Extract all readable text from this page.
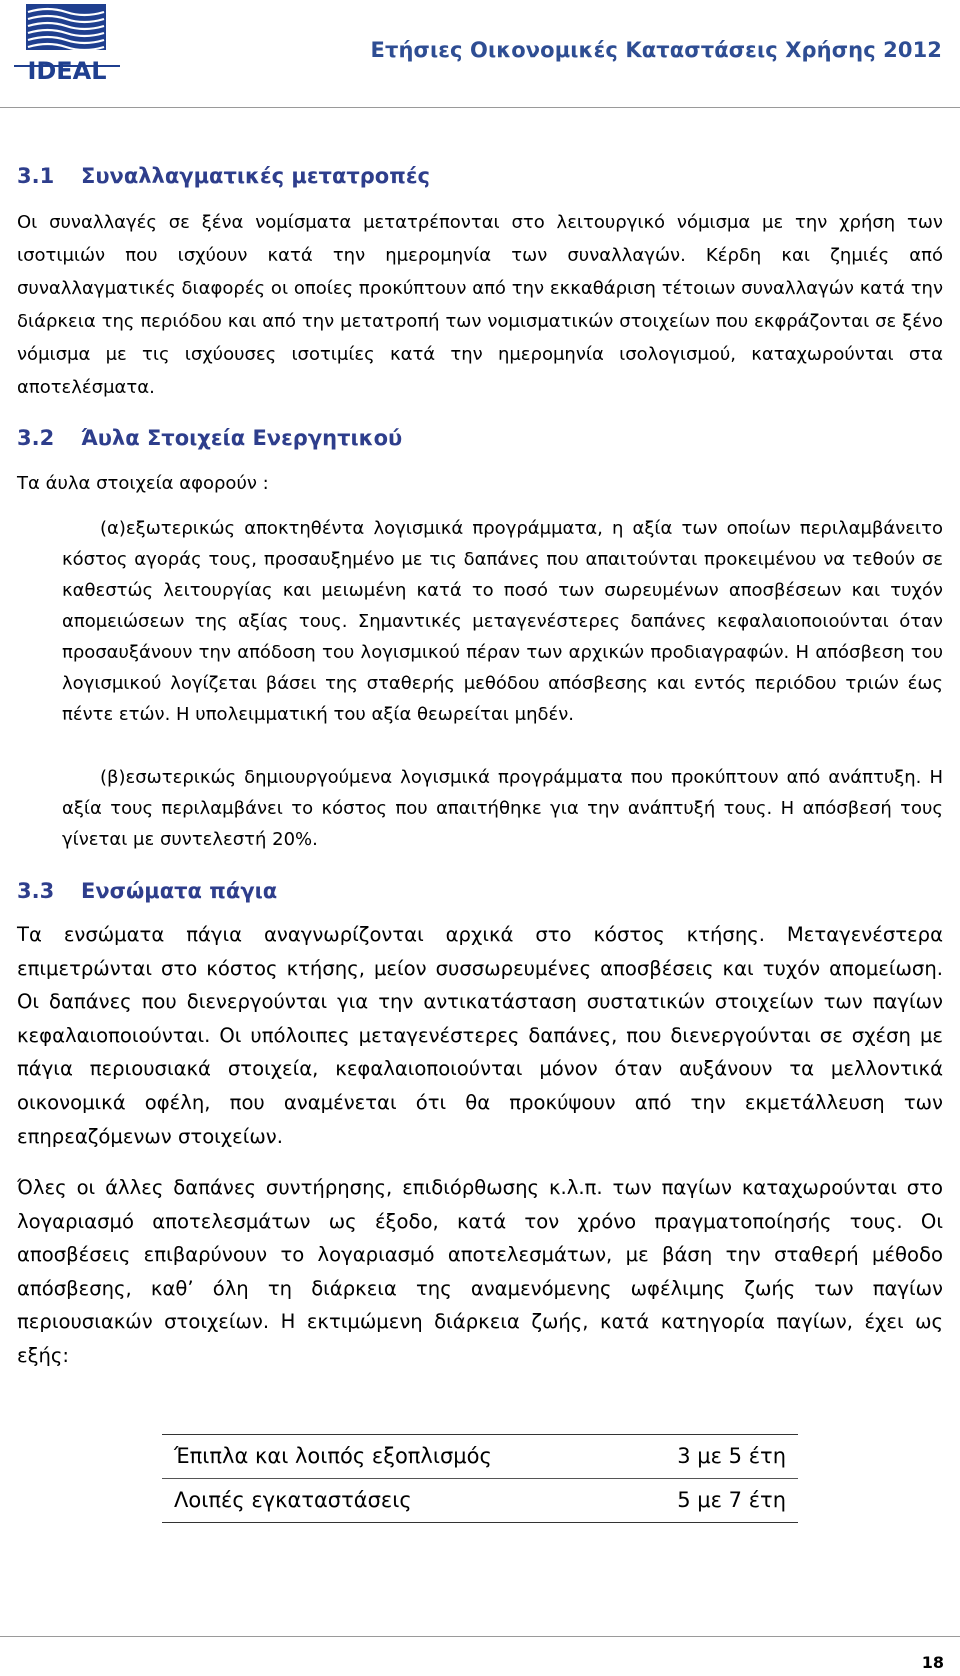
IDEAL
Ετήσιες Οικονομικές Καταστάσεις Χρήσης 2012
3.1 Συναλλαγματικές μετατροπές

Οι συναλλαγές σε ξένα νομίσματα μετατρέπονται στο λειτουργικό νόμισμα με την χρήση των ισοτιμιών που ισχύουν κατά την ημερομηνία των συναλλαγών. Κέρδη και ζημιές από συναλλαγματικές διαφορές οι οποίες προκύπτουν από την εκκαθάριση τέτοιων συναλλαγών κατά την διάρκεια της περιόδου και από την μετατροπή των νομισματικών στοιχείων που εκφράζονται σε ξένο νόμισμα με τις ισχύουσες ισοτιμίες κατά την ημερομηνία ισολογισμού, καταχωρούνται στα αποτελέσματα.

3.2 Άυλα Στοιχεία Ενεργητικού

Τα άυλα στοιχεία αφορούν :

(α)εξωτερικώς αποκτηθέντα λογισμικά προγράμματα, η αξία των οποίων περιλαμβάνειτο κόστος αγοράς τους, προσαυξημένο με τις δαπάνες που απαιτούνται προκειμένου να τεθούν σε καθεστώς λειτουργίας και μειωμένη κατά το ποσό των σωρευμένων αποσβέσεων και τυχόν απομειώσεων της αξίας τους. Σημαντικές μεταγενέστερες δαπάνες κεφαλαιοποιούνται όταν προσαυξάνουν την απόδοση του λογισμικού πέραν των αρχικών προδιαγραφών. Η απόσβεση του λογισμικού λογίζεται βάσει της σταθερής μεθόδου απόσβεσης και εντός περιόδου τριών έως πέντε ετών. Η υπολειμματική του αξία θεωρείται μηδέν.

(β)εσωτερικώς δημιουργούμενα λογισμικά προγράμματα που προκύπτουν από ανάπτυξη. Η αξία τους περιλαμβάνει το κόστος που απαιτήθηκε για την ανάπτυξή τους. Η απόσβεσή τους γίνεται με συντελεστή 20%.

3.3 Ενσώματα πάγια

Τα ενσώματα πάγια αναγνωρίζονται αρχικά στο κόστος κτήσης. Μεταγενέστερα επιμετρώνται στο κόστος κτήσης, μείον συσσωρευμένες αποσβέσεις και τυχόν απομείωση. Οι δαπάνες που διενεργούνται για την αντικατάσταση συστατικών στοιχείων των παγίων κεφαλαιοποιούνται. Οι υπόλοιπες μεταγενέστερες δαπάνες, που διενεργούνται σε σχέση με πάγια περιουσιακά στοιχεία, κεφαλαιοποιούνται μόνον όταν αυξάνουν τα μελλοντικά οικονομικά οφέλη, που αναμένεται ότι θα προκύψουν από την εκμετάλλευση των επηρεαζόμενων στοιχείων.

Όλες οι άλλες δαπάνες συντήρησης, επιδιόρθωσης κ.λ.π. των παγίων καταχωρούνται στο λογαριασμό αποτελεσμάτων ως έξοδο, κατά τον χρόνο πραγματοποίησής τους. Οι αποσβέσεις επιβαρύνουν το λογαριασμό αποτελεσμάτων, με βάση την σταθερή μέθοδο απόσβεσης, καθ’ όλη τη διάρκεια της αναμενόμενης ωφέλιμης ζωής των παγίων περιουσιακών στοιχείων. Η εκτιμώμενη διάρκεια ζωής, κατά κατηγορία παγίων, έχει ως εξής:

Έπιπλα και λοιπός εξοπλισμός	3 με 5 έτη
Λοιπές εγκαταστάσεις	5 με 7 έτη
18
